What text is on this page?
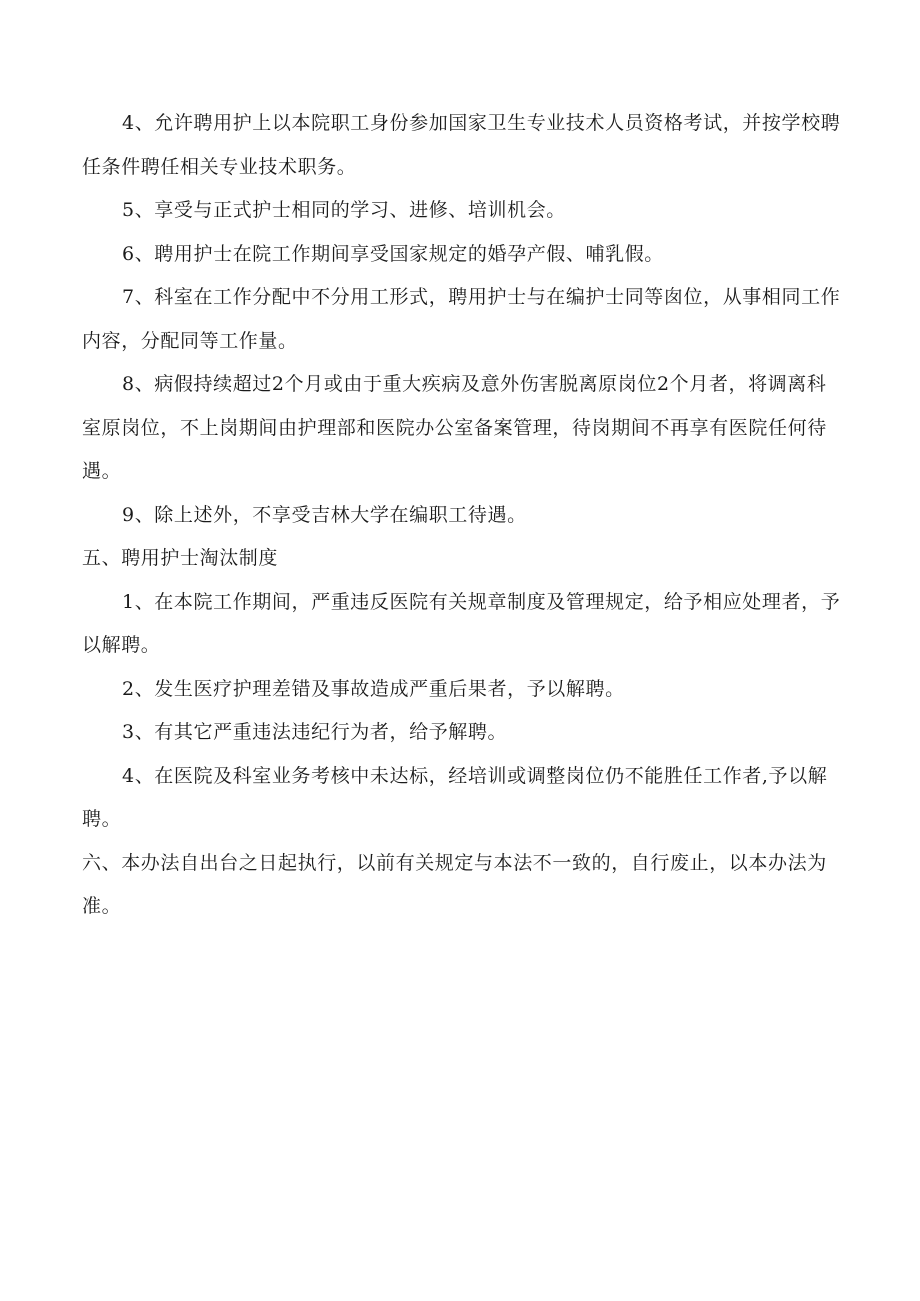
4、允许聘用护上以本院职工身份参加国家卫生专业技术人员资格考试，并按学校聘任条件聘任相关专业技术职务。

5、享受与正式护士相同的学习、进修、培训机会。

6、聘用护士在院工作期间享受国家规定的婚孕产假、哺乳假。

7、科室在工作分配中不分用工形式，聘用护士与在编护士同等囱位，从事相同工作内容，分配同等工作量。

8、病假持续超过2个月或由于重大疾病及意外伤害脱离原岗位2个月者，将调离科室原岗位，不上岗期间由护理部和医院办公室备案管理，待岗期间不再享有医院任何待遇。

9、除上述外，不享受吉林大学在编职工待遇。

五、聘用护士淘汰制度

1、在本院工作期间，严重违反医院有关规章制度及管理规定，给予相应处理者，予以解聘。

2、发生医疗护理差错及事故造成严重后果者，予以解聘。

3、有其它严重违法违纪行为者，给予解聘。

4、在医院及科室业务考核中未达标，经培训或调整岗位仍不能胜任工作者,予以解聘。

六、本办法自出台之日起执行，以前有关规定与本法不一致的，自行废止，以本办法为准。
